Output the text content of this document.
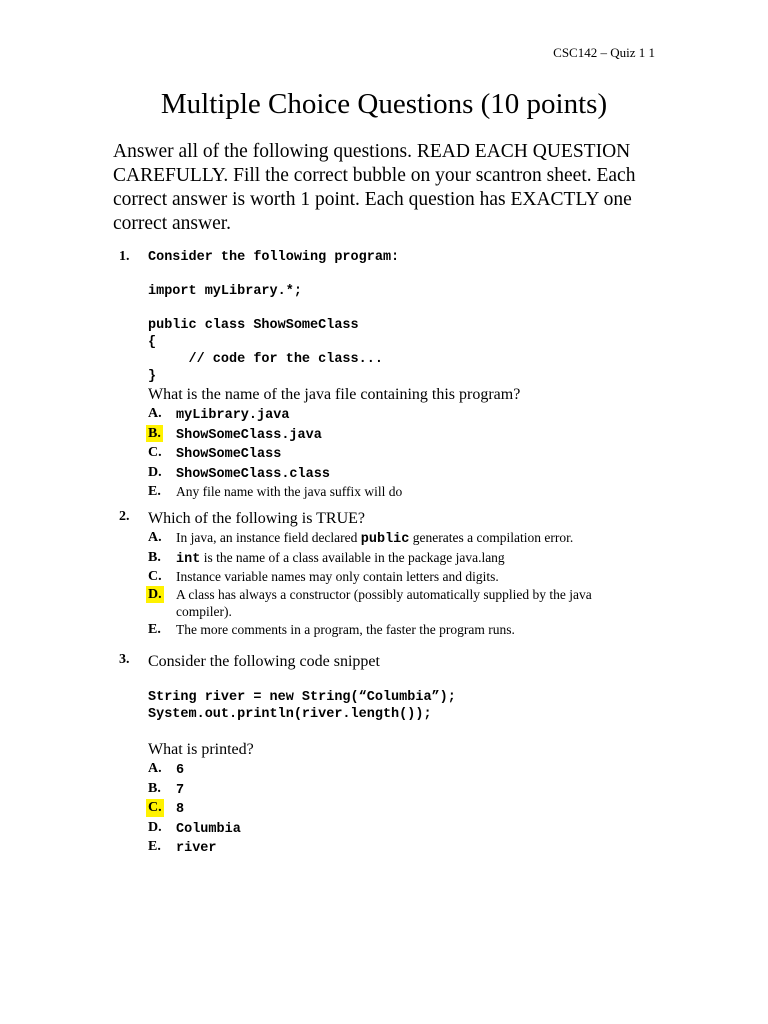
CSC142 – Quiz 1 1
Multiple Choice Questions (10 points)
Answer all of the following questions. READ EACH QUESTION CAREFULLY. Fill the correct bubble on your scantron sheet. Each correct answer is worth 1 point. Each question has EXACTLY one correct answer.
1. Consider the following program:
import myLibrary.*;
public class ShowSomeClass
{
// code for the class...
}
What is the name of the java file containing this program?
A. myLibrary.java
B. ShowSomeClass.java
C. ShowSomeClass
D. ShowSomeClass.class
E. Any file name with the java suffix will do
2. Which of the following is TRUE?
A. In java, an instance field declared public generates a compilation error.
B. int is the name of a class available in the package java.lang
C. Instance variable names may only contain letters and digits.
D. A class has always a constructor (possibly automatically supplied by the java compiler).
E. The more comments in a program, the faster the program runs.
3. Consider the following code snippet
String river = new String(“Columbia”);
System.out.println(river.length());
What is printed?
A. 6
B. 7
C. 8
D. Columbia
E. river
